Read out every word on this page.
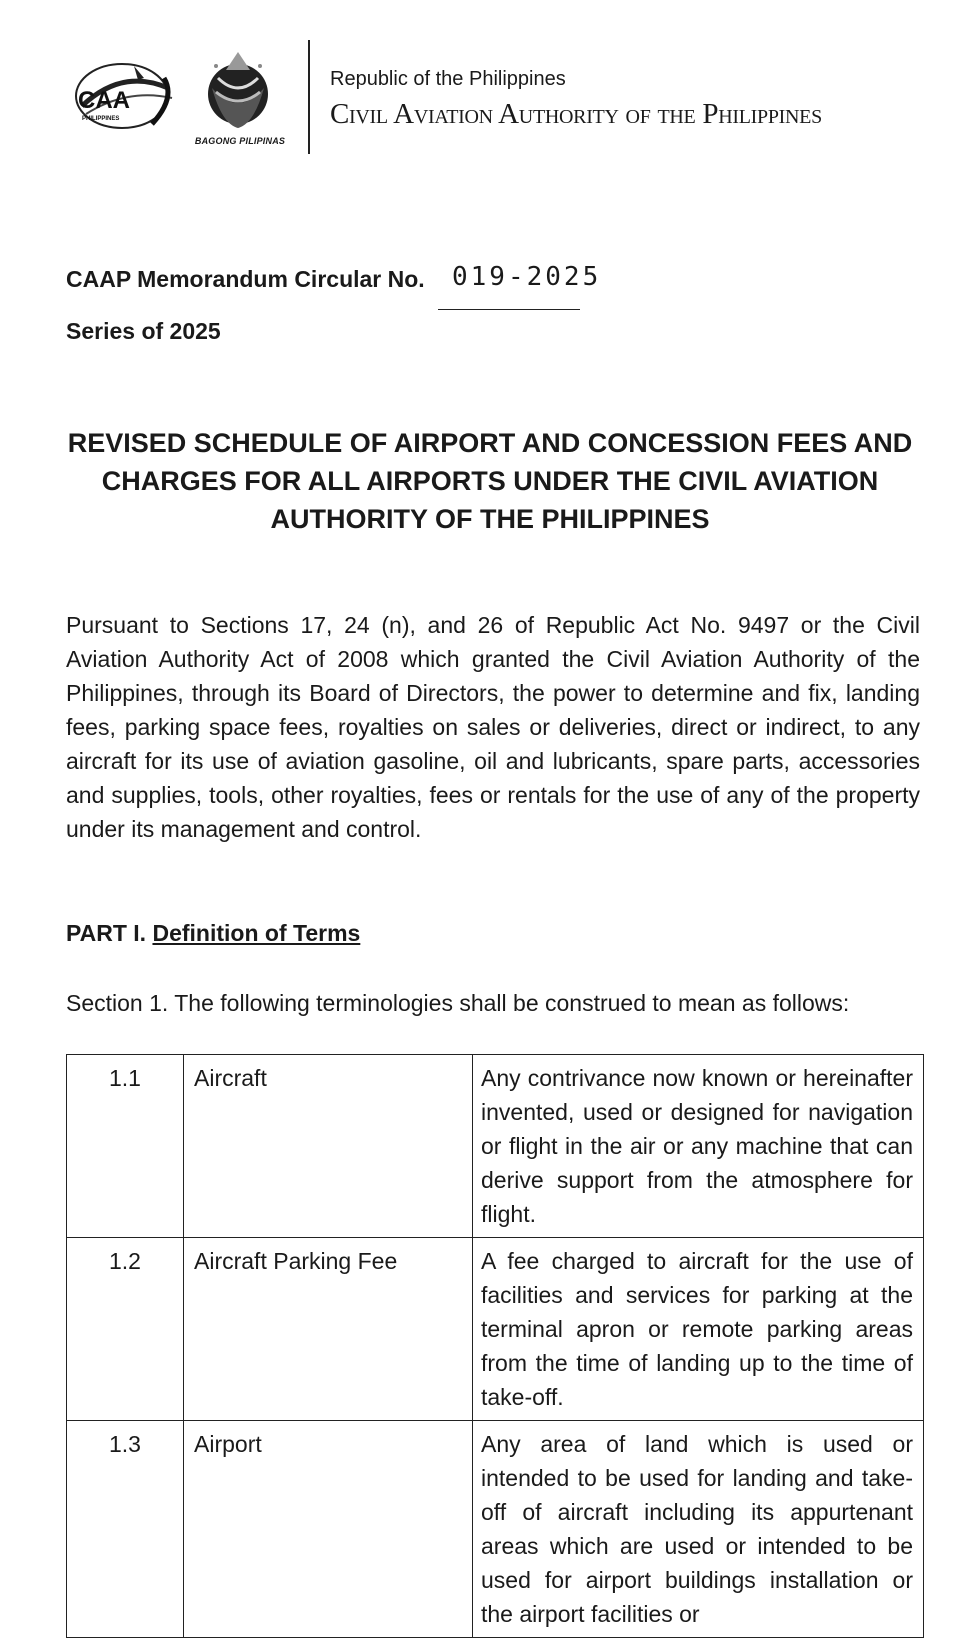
CAA
PHILIPPINES
BAGONG PILIPINAS
Republic of the Philippines
Civil Aviation Authority of the Philippines
CAAP Memorandum Circular No. 019-2025
Series of 2025
REVISED SCHEDULE OF AIRPORT AND CONCESSION FEES AND
CHARGES FOR ALL AIRPORTS UNDER THE CIVIL AVIATION
AUTHORITY OF THE PHILIPPINES
Pursuant to Sections 17, 24 (n), and 26 of Republic Act No. 9497 or the Civil Aviation Authority Act of 2008 which granted the Civil Aviation Authority of the Philippines, through its Board of Directors, the power to determine and fix, landing fees, parking space fees, royalties on sales or deliveries, direct or indirect, to any aircraft for its use of aviation gasoline, oil and lubricants, spare parts, accessories and supplies, tools, other royalties, fees or rentals for the use of any of the property under its management and control.
PART I. Definition of Terms
Section 1. The following terminologies shall be construed to mean as follows:
1.1	Aircraft	Any contrivance now known or hereinafter invented, used or designed for navigation or flight in the air or any machine that can derive support from the atmosphere for flight.
1.2	Aircraft Parking Fee	A fee charged to aircraft for the use of facilities and services for parking at the terminal apron or remote parking areas from the time of landing up to the time of take-off.
1.3	Airport	Any area of land which is used or intended to be used for landing and take-off of aircraft including its appurtenant areas which are used or intended to be used for airport buildings installation or the airport facilities or
